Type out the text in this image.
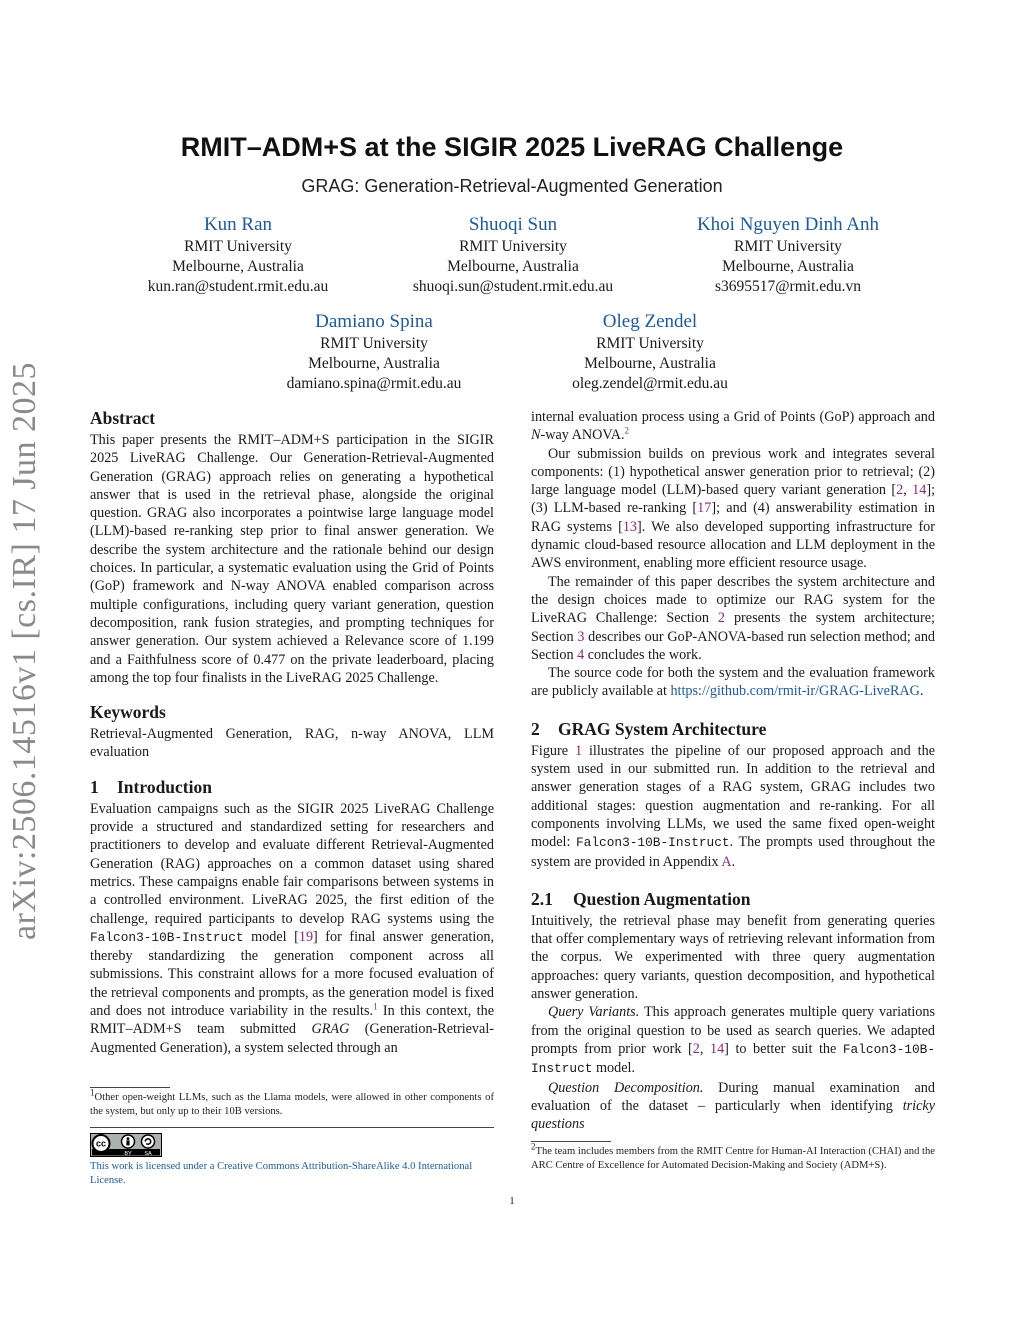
arXiv:2506.14516v1 [cs.IR] 17 Jun 2025
RMIT–ADM+S at the SIGIR 2025 LiveRAG Challenge
GRAG: Generation-Retrieval-Augmented Generation
Kun Ran
RMIT University
Melbourne, Australia
kun.ran@student.rmit.edu.au
Shuoqi Sun
RMIT University
Melbourne, Australia
shuoqi.sun@student.rmit.edu.au
Khoi Nguyen Dinh Anh
RMIT University
Melbourne, Australia
s3695517@rmit.edu.vn
Damiano Spina
RMIT University
Melbourne, Australia
damiano.spina@rmit.edu.au
Oleg Zendel
RMIT University
Melbourne, Australia
oleg.zendel@rmit.edu.au
Abstract

This paper presents the RMIT–ADM+S participation in the SIGIR 2025 LiveRAG Challenge. Our Generation-Retrieval-Augmented Generation (GRAG) approach relies on generating a hypothetical answer that is used in the retrieval phase, alongside the original question. GRAG also incorporates a pointwise large language model (LLM)-based re-ranking step prior to final answer generation. We describe the system architecture and the rationale behind our design choices. In particular, a systematic evaluation using the Grid of Points (GoP) framework and N-way ANOVA enabled comparison across multiple configurations, including query variant generation, question decomposition, rank fusion strategies, and prompting techniques for answer generation. Our system achieved a Relevance score of 1.199 and a Faithfulness score of 0.477 on the private leaderboard, placing among the top four finalists in the LiveRAG 2025 Challenge.

Keywords

Retrieval-Augmented Generation, RAG, n-way ANOVA, LLM evaluation

1 Introduction

Evaluation campaigns such as the SIGIR 2025 LiveRAG Challenge provide a structured and standardized setting for researchers and practitioners to develop and evaluate different Retrieval-Augmented Generation (RAG) approaches on a common dataset using shared metrics. These campaigns enable fair comparisons between systems in a controlled environment. LiveRAG 2025, the first edition of the challenge, required participants to develop RAG systems using the Falcon3-10B-Instruct model [19] for final answer generation, thereby standardizing the generation component across all submissions. This constraint allows for a more focused evaluation of the retrieval components and prompts, as the generation model is fixed and does not introduce variability in the results.$^1$ In this context, the RMIT–ADM+S team submitted GRAG (Generation-Retrieval-Augmented Generation), a system selected through an

$^1$Other open-weight LLMs, such as the Llama models, were allowed in other components of the system, but only up to their 10B versions.
cc
BY SA
This work is licensed under a Creative Commons Attribution-ShareAlike 4.0 International License.

internal evaluation process using a Grid of Points (GoP) approach and N-way ANOVA.$^2$

Our submission builds on previous work and integrates several components: (1) hypothetical answer generation prior to retrieval; (2) large language model (LLM)-based query variant generation [2, 14]; (3) LLM-based re-ranking [17]; and (4) answerability estimation in RAG systems [13]. We also developed supporting infrastructure for dynamic cloud-based resource allocation and LLM deployment in the AWS environment, enabling more efficient resource usage.

The remainder of this paper describes the system architecture and the design choices made to optimize our RAG system for the LiveRAG Challenge: Section 2 presents the system architecture; Section 3 describes our GoP-ANOVA-based run selection method; and Section 4 concludes the work.

The source code for both the system and the evaluation framework are publicly available at https://github.com/rmit-ir/GRAG-LiveRAG.

2 GRAG System Architecture

Figure 1 illustrates the pipeline of our proposed approach and the system used in our submitted run. In addition to the retrieval and answer generation stages of a RAG system, GRAG includes two additional stages: question augmentation and re-ranking. For all components involving LLMs, we used the same fixed open-weight model: Falcon3-10B-Instruct. The prompts used throughout the system are provided in Appendix A.

2.1 Question Augmentation

Intuitively, the retrieval phase may benefit from generating queries that offer complementary ways of retrieving relevant information from the corpus. We experimented with three query augmentation approaches: query variants, question decomposition, and hypothetical answer generation.

Query Variants. This approach generates multiple query variations from the original question to be used as search queries. We adapted prompts from prior work [2, 14] to better suit the Falcon3-10B-Instruct model.

Question Decomposition. During manual examination and evaluation of the dataset – particularly when identifying tricky questions

$^2$The team includes members from the RMIT Centre for Human-AI Interaction (CHAI) and the ARC Centre of Excellence for Automated Decision-Making and Society (ADM+S).
1
